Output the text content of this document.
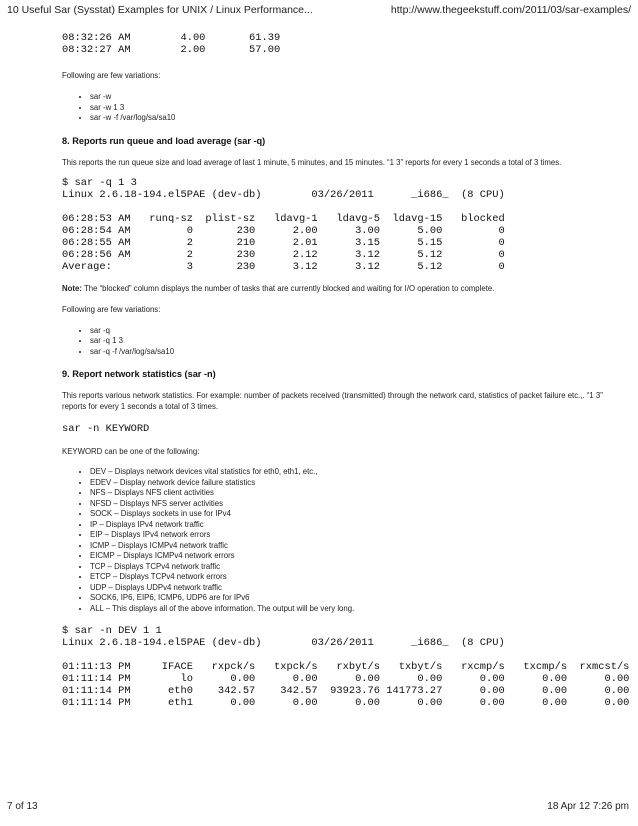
10 Useful Sar (Sysstat) Examples for UNIX / Linux Performance...	http://www.thegeekstuff.com/2011/03/sar-examples/
08:32:26 AM        4.00       61.39
08:32:27 AM        2.00       57.00

Following are few variations:

• sar -w
• sar -w 1 3
• sar -w -f /var/log/sa/sa10
8. Reports run queue and load average (sar -q)

This reports the run queue size and load average of last 1 minute, 5 minutes, and 15 minutes. “1 3” reports for every 1 seconds a total of 3 times.

$ sar -q 1 3
Linux 2.6.18-194.el5PAE (dev-db)        03/26/2011      _i686_  (8 CPU)

06:28:53 AM   runq-sz  plist-sz   ldavg-1   ldavg-5  ldavg-15   blocked
06:28:54 AM         0       230      2.00      3.00      5.00         0
06:28:55 AM         2       210      2.01      3.15      5.15         0
06:28:56 AM         2       230      2.12      3.12      5.12         0
Average:            3       230      3.12      3.12      5.12         0

Note: The “blocked” column displays the number of tasks that are currently blocked and waiting for I/O operation to complete.

Following are few variations:

• sar -q
• sar -q 1 3
• sar -q -f /var/log/sa/sa10
9. Report network statistics (sar -n)

This reports various network statistics. For example: number of packets received (transmitted) through the network card, statistics of packet failure etc.,. “1 3” reports for every 1 seconds a total of 3 times.

sar -n KEYWORD

KEYWORD can be one of the following:

• DEV – Displays network devices vital statistics for eth0, eth1, etc.,
• EDEV – Display network device failure statistics
• NFS – Displays NFS client activities
• NFSD – Displays NFS server activities
• SOCK – Displays sockets in use for IPv4
• IP – Displays IPv4 network traffic
• EIP – Displays IPv4 network errors
• ICMP – Displays ICMPv4 network traffic
• EICMP – Displays ICMPv4 network errors
• TCP – Displays TCPv4 network traffic
• ETCP – Displays TCPv4 network errors
• UDP – Displays UDPv4 network traffic
• SOCK6, IP6, EIP6, ICMP6, UDP6 are for IPv6
• ALL – This displays all of the above information. The output will be very long.
$ sar -n DEV 1 1
Linux 2.6.18-194.el5PAE (dev-db)        03/26/2011      _i686_  (8 CPU)

01:11:13 PM     IFACE   rxpck/s   txpck/s   rxbyt/s   txbyt/s   rxcmp/s   txcmp/s  rxmcst/s
01:11:14 PM        lo      0.00      0.00      0.00      0.00      0.00      0.00      0.00
01:11:14 PM      eth0    342.57    342.57  93923.76 141773.27      0.00      0.00      0.00
01:11:14 PM      eth1      0.00      0.00      0.00      0.00      0.00      0.00      0.00
7 of 13	18 Apr 12 7:26 pm
